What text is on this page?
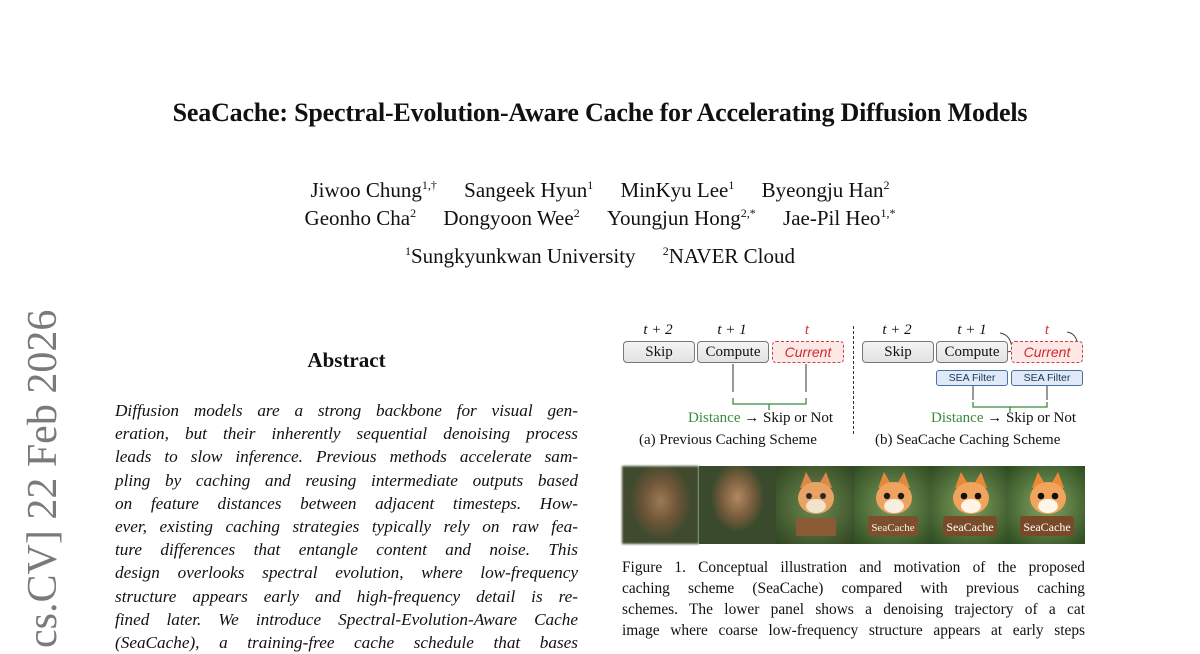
SeaCache: Spectral-Evolution-Aware Cache for Accelerating Diffusion Models
Jiwoo Chung$^{1,\dagger}$ Sangeek Hyun$^1$ MinKyu Lee$^1$ Byeongju Han$^2$
Geonho Cha$^2$ Dongyoon Wee$^2$ Youngjun Hong$^{2,*}$ Jae-Pil Heo$^{1,*}$
$^1$Sungkyunkwan University $^2$NAVER Cloud
cs.CV] 22 Feb 2026	Abstract
Diffusion models are a strong backbone for visual gen-
eration, but their inherently sequential denoising process
leads to slow inference. Previous methods accelerate sam-
pling by caching and reusing intermediate outputs based
on feature distances between adjacent timesteps. How-
ever, existing caching strategies typically rely on raw fea-
ture differences that entangle content and noise. This
design overlooks spectral evolution, where low-frequency
structure appears early and high-frequency detail is re-
fined later. We introduce Spectral-Evolution-Aware Cache
(SeaCache), a training-free cache schedule that bases
t + 2	t + 1	t
Skip	Compute	Current
Distance → Skip or Not
(a) Previous Caching Scheme
t + 2	t + 1	t
Skip	Compute	Current
SEA Filter	SEA Filter
Distance → Skip or Not
(b) SeaCache Caching Scheme
SeaCache	SeaCache SeaCache
Figure 1. Conceptual illustration and motivation of the proposed
caching scheme (SeaCache) compared with previous caching
schemes. The lower panel shows a denoising trajectory of a cat
image where coarse low-frequency structure appears at early steps
